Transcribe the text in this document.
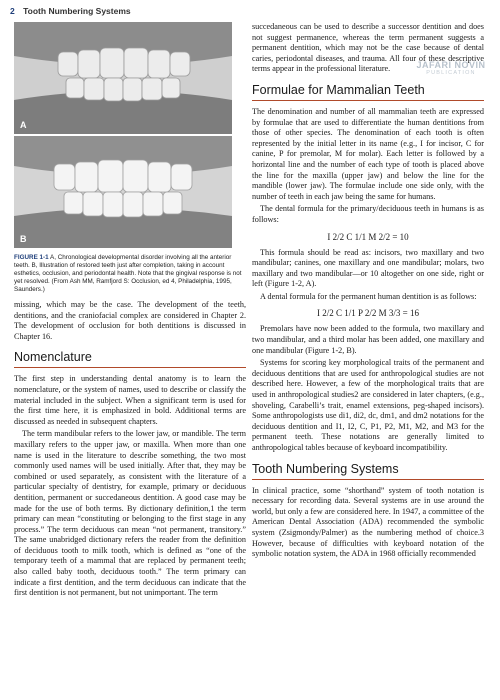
2 Tooth Numbering Systems
A
B
FIGURE 1-1 A, Chronological developmental disorder involving all the anterior teeth. B, Illustration of restored teeth just after completion, taking in account esthetics, occlusion, and periodontal health. Note that the gingival response is not yet resolved. (From Ash MM, Ramfjord S: Occlusion, ed 4, Philadelphia, 1995, Saunders.)

missing, which may be the case. The development of the teeth, dentitions, and the craniofacial complex are considered in Chapter 2. The development of occlusion for both dentitions is discussed in Chapter 16.

Nomenclature

The first step in understanding dental anatomy is to learn the nomenclature, or the system of names, used to describe or classify the material included in the subject. When a significant term is used for the first time here, it is emphasized in bold. Additional terms are discussed as needed in subsequent chapters.

The term mandibular refers to the lower jaw, or mandible. The term maxillary refers to the upper jaw, or maxilla. When more than one name is used in the literature to describe something, the two most commonly used names will be used initially. After that, they may be combined or used separately, as consistent with the literature of a particular specialty of dentistry, for example, primary or deciduous dentition, permanent or succedaneous dentition. A good case may be made for the use of both terms. By dictionary definition,1 the term primary can mean “constituting or belonging to the first stage in any process.” The term deciduous can mean “not permanent, transitory.” The same unabridged dictionary refers the reader from the definition of deciduous tooth to milk tooth, which is defined as “one of the temporary teeth of a mammal that are replaced by permanent teeth; also called baby tooth, deciduous tooth.” The term primary can indicate a first dentition, and the term deciduous can indicate that the first dentition is not permanent, but not unimportant. The term

succedaneous can be used to describe a successor dentition and does not suggest permanence, whereas the term permanent suggests a permanent dentition, which may not be the case because of dental caries, periodontal diseases, and trauma. All four of these descriptive terms appear in the professional literature.

Formulae for Mammalian Teeth

The denomination and number of all mammalian teeth are expressed by formulae that are used to differentiate the human dentitions from those of other species. The denomination of each tooth is often represented by the initial letter in its name (e.g., I for incisor, C for canine, P for premolar, M for molar). Each letter is followed by a horizontal line and the number of each type of tooth is placed above the line for the maxilla (upper jaw) and below the line for the mandible (lower jaw). The formulae include one side only, with the number of teeth in each jaw being the same for humans.

The dental formula for the primary/deciduous teeth in humans is as follows:

I 2/2 C 1/1 M 2/2 = 10

This formula should be read as: incisors, two maxillary and two mandibular; canines, one maxillary and one mandibular; molars, two maxillary and two mandibular—or 10 altogether on one side, right or left (Figure 1-2, A).

A dental formula for the permanent human dentition is as follows:

I 2/2 C 1/1 P 2/2 M 3/3 = 16

Premolars have now been added to the formula, two maxillary and two mandibular, and a third molar has been added, one maxillary and one mandibular (Figure 1-2, B).

Systems for scoring key morphological traits of the permanent and deciduous dentitions that are used for anthropological studies are not described here. However, a few of the morphological traits that are used in anthropological studies2 are considered in later chapters, (e.g., shoveling, Carabelli’s trait, enamel extensions, peg-shaped incisors). Some anthropologists use di1, di2, dc, dm1, and dm2 notations for the deciduous dentition and I1, I2, C, P1, P2, M1, M2, and M3 for the permanent teeth. These notations are generally limited to anthropological tables because of keyboard incompatibility.

Tooth Numbering Systems

In clinical practice, some “shorthand” system of tooth notation is necessary for recording data. Several systems are in use around the world, but only a few are considered here. In 1947, a committee of the American Dental Association (ADA) recommended the symbolic system (Zsigmondy/Palmer) as the numbering method of choice.3 However, because of difficulties with keyboard notation of the symbolic notation system, the ADA in 1968 officially recommended

JAFARI NOVIN
PUBLICATION
